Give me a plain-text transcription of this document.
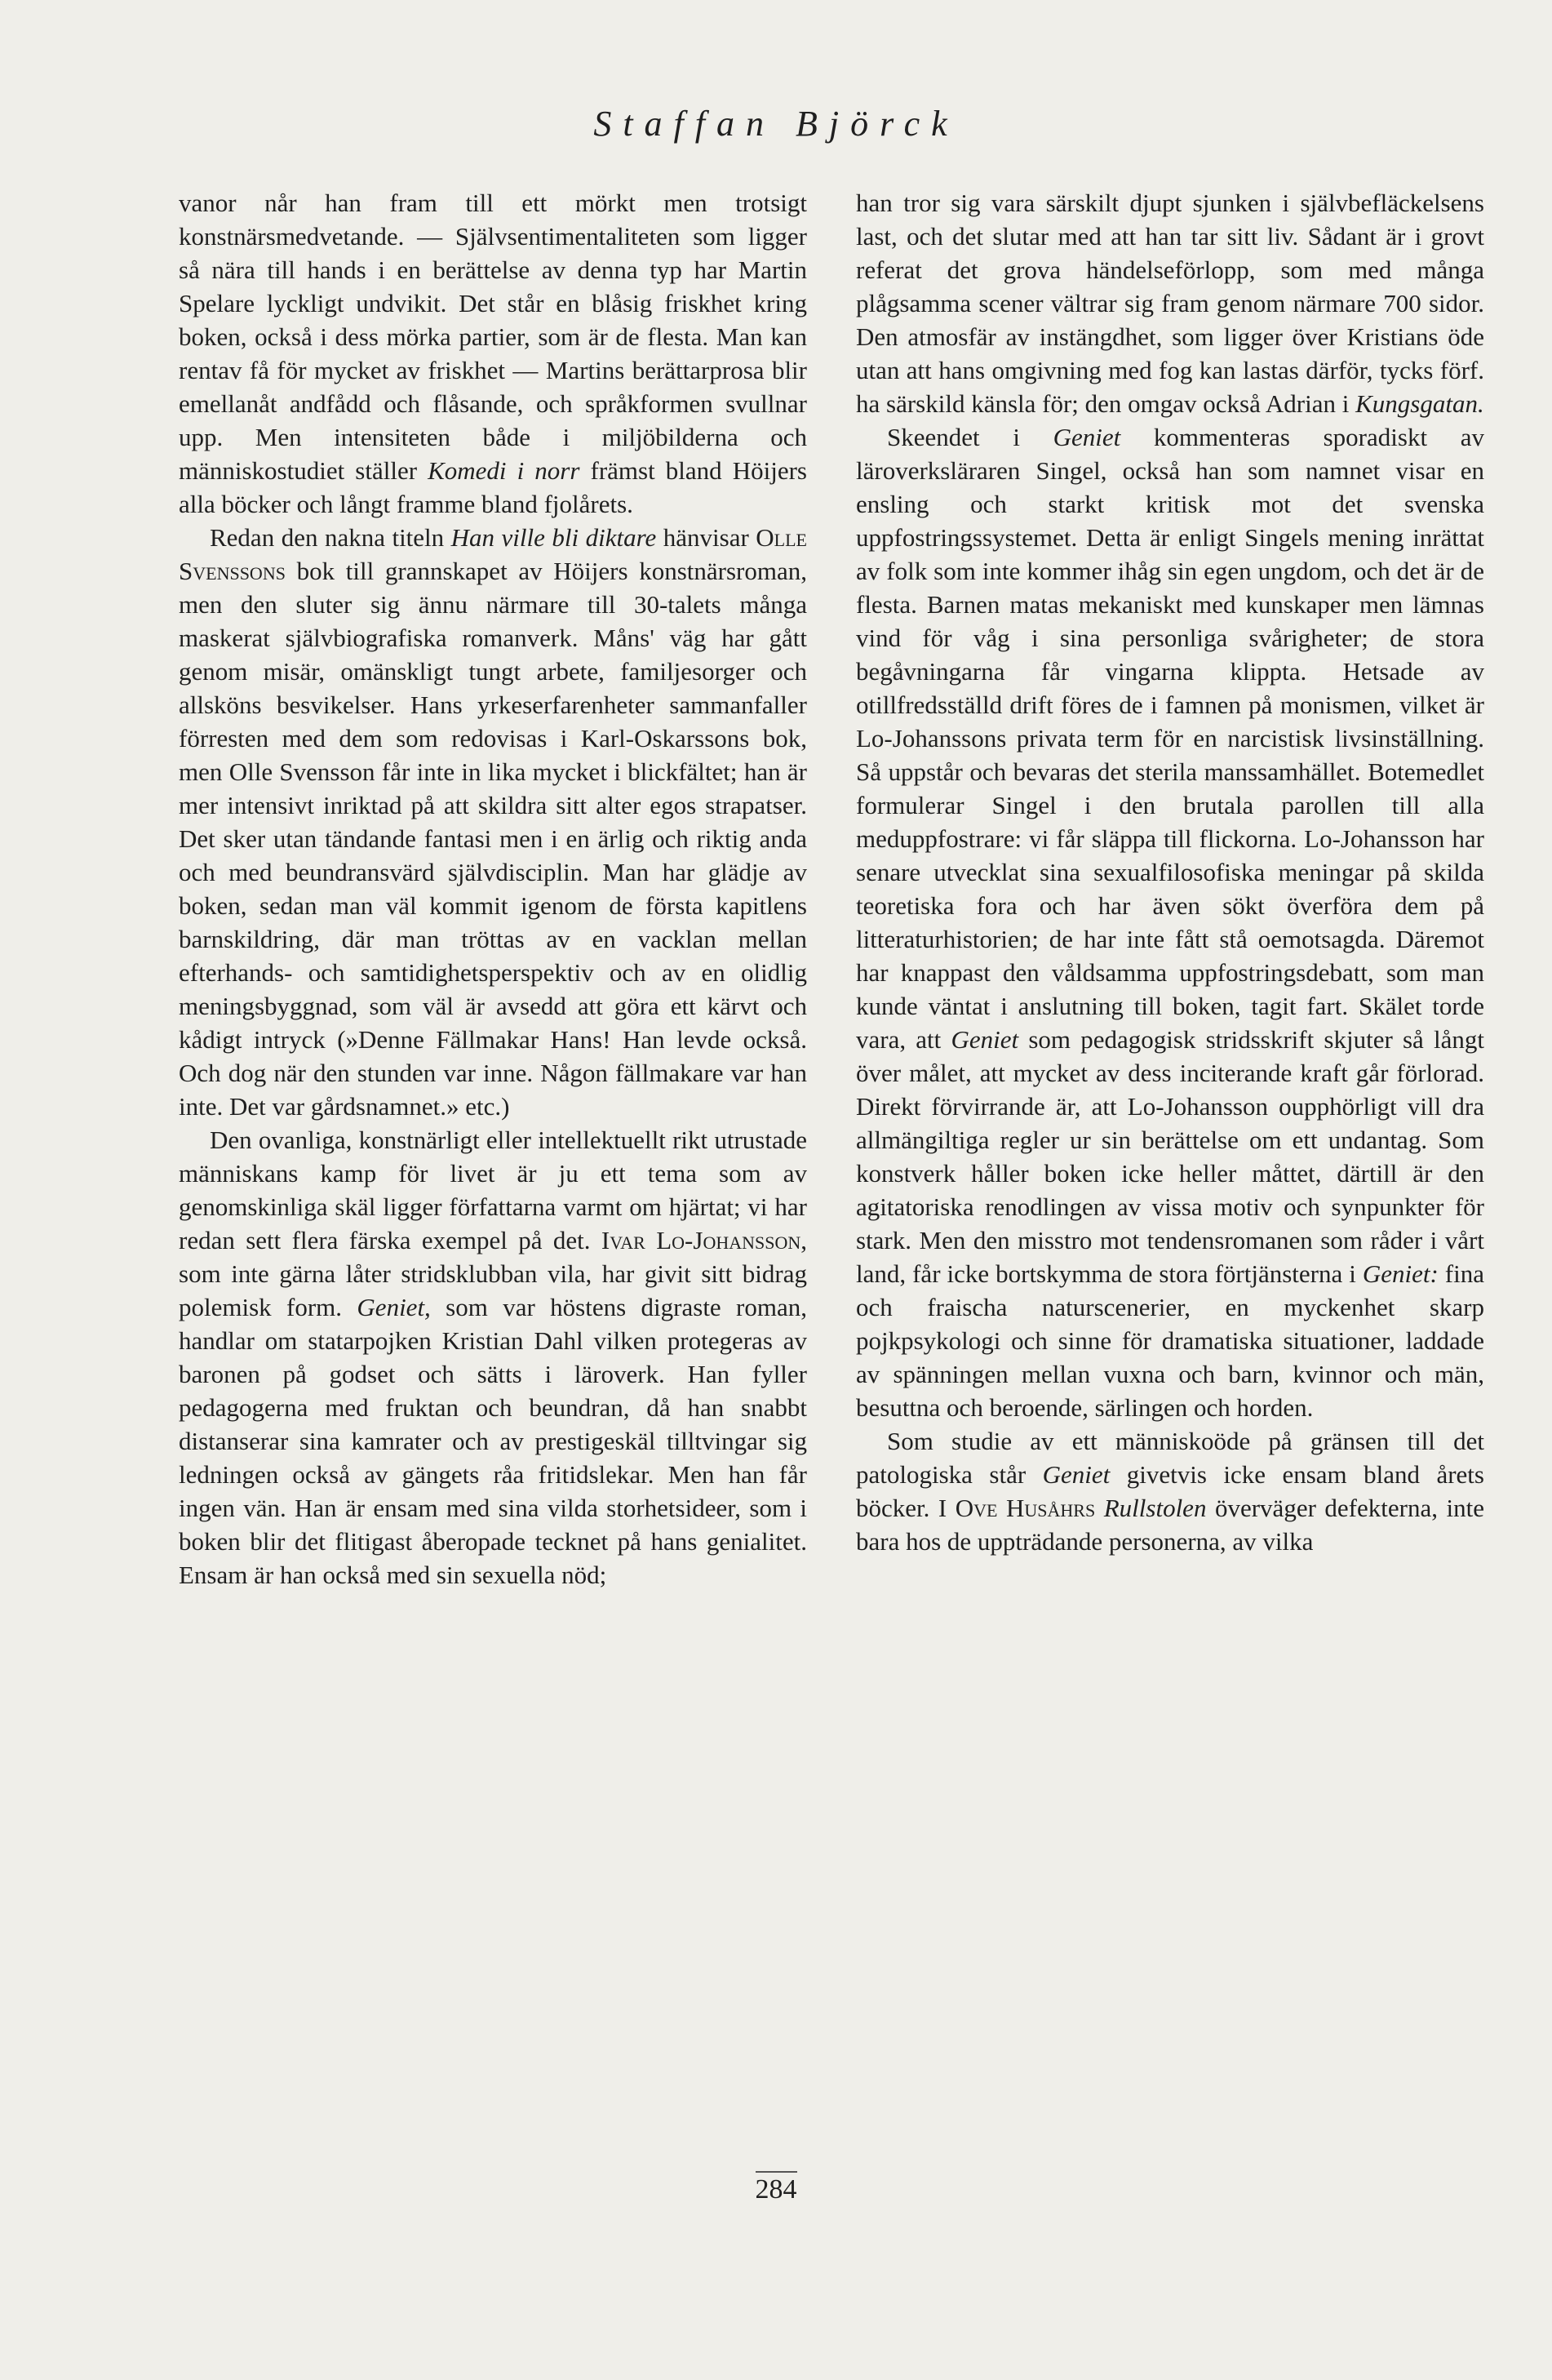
Staffan Björck

vanor når han fram till ett mörkt men trotsigt konstnärsmedvetande. — Självsentimentaliteten som ligger så nära till hands i en berättelse av denna typ har Martin Spelare lyckligt undvikit. Det står en blåsig friskhet kring boken, också i dess mörka partier, som är de flesta. Man kan rentav få för mycket av friskhet — Martins berättarprosa blir emellanåt andfådd och flåsande, och språkformen svullnar upp. Men intensiteten både i miljöbilderna och människostudiet ställer Komedi i norr främst bland Höijers alla böcker och långt framme bland fjolårets.

Redan den nakna titeln Han ville bli diktare hänvisar Olle Svenssons bok till grannskapet av Höijers konstnärsroman, men den sluter sig ännu närmare till 30-talets många maskerat självbiografiska romanverk. Måns' väg har gått genom misär, omänskligt tungt arbete, familjesorger och allsköns besvikelser. Hans yrkeserfarenheter sammanfaller förresten med dem som redovisas i Karl-Oskarssons bok, men Olle Svensson får inte in lika mycket i blickfältet; han är mer intensivt inriktad på att skildra sitt alter egos strapatser. Det sker utan tändande fantasi men i en ärlig och riktig anda och med beundransvärd självdisciplin. Man har glädje av boken, sedan man väl kommit igenom de första kapitlens barnskildring, där man tröttas av en vacklan mellan efterhands- och samtidighetsperspektiv och av en olidlig meningsbyggnad, som väl är avsedd att göra ett kärvt och kådigt intryck (»Denne Fällmakar Hans! Han levde också. Och dog när den stunden var inne. Någon fällmakare var han inte. Det var gårdsnamnet.» etc.)

Den ovanliga, konstnärligt eller intellektuellt rikt utrustade människans kamp för livet är ju ett tema som av genomskinliga skäl ligger författarna varmt om hjärtat; vi har redan sett flera färska exempel på det. Ivar Lo-Johansson, som inte gärna låter stridsklubban vila, har givit sitt bidrag polemisk form. Geniet, som var höstens digraste roman, handlar om statarpojken Kristian Dahl vilken protegeras av baronen på godset och sätts i läroverk. Han fyller pedagogerna med fruktan och beundran, då han snabbt distanserar sina kamrater och av prestigeskäl tilltvingar sig ledningen också av gängets råa fritidslekar. Men han får ingen vän. Han är ensam med sina vilda storhetsideer, som i boken blir det flitigast åberopade tecknet på hans genialitet. Ensam är han också med sin sexuella nöd;

han tror sig vara särskilt djupt sjunken i självbefläckelsens last, och det slutar med att han tar sitt liv. Sådant är i grovt referat det grova händelseförlopp, som med många plågsamma scener vältrar sig fram genom närmare 700 sidor. Den atmosfär av instängdhet, som ligger över Kristians öde utan att hans omgivning med fog kan lastas därför, tycks förf. ha särskild känsla för; den omgav också Adrian i Kungsgatan.

Skeendet i Geniet kommenteras sporadiskt av läroverksläraren Singel, också han som namnet visar en ensling och starkt kritisk mot det svenska uppfostringssystemet. Detta är enligt Singels mening inrättat av folk som inte kommer ihåg sin egen ungdom, och det är de flesta. Barnen matas mekaniskt med kunskaper men lämnas vind för våg i sina personliga svårigheter; de stora begåvningarna får vingarna klippta. Hetsade av otillfredsställd drift föres de i famnen på monismen, vilket är Lo-Johanssons privata term för en narcistisk livsinställning. Så uppstår och bevaras det sterila manssamhället. Botemedlet formulerar Singel i den brutala parollen till alla meduppfostrare: vi får släppa till flickorna. Lo-Johansson har senare utvecklat sina sexualfilosofiska meningar på skilda teoretiska fora och har även sökt överföra dem på litteraturhistorien; de har inte fått stå oemotsagda. Däremot har knappast den våldsamma uppfostringsdebatt, som man kunde väntat i anslutning till boken, tagit fart. Skälet torde vara, att Geniet som pedagogisk stridsskrift skjuter så långt över målet, att mycket av dess inciterande kraft går förlorad. Direkt förvirrande är, att Lo-Johansson oupphörligt vill dra allmängiltiga regler ur sin berättelse om ett undantag. Som konstverk håller boken icke heller måttet, därtill är den agitatoriska renodlingen av vissa motiv och synpunkter för stark. Men den misstro mot tendensromanen som råder i vårt land, får icke bortskymma de stora förtjänsterna i Geniet: fina och fraischa naturscenerier, en myckenhet skarp pojkpsykologi och sinne för dramatiska situationer, laddade av spänningen mellan vuxna och barn, kvinnor och män, besuttna och beroende, särlingen och horden.

Som studie av ett människoöde på gränsen till det patologiska står Geniet givetvis icke ensam bland årets böcker. I Ove Husåhrs Rullstolen överväger defekterna, inte bara hos de uppträdande personerna, av vilka

284
